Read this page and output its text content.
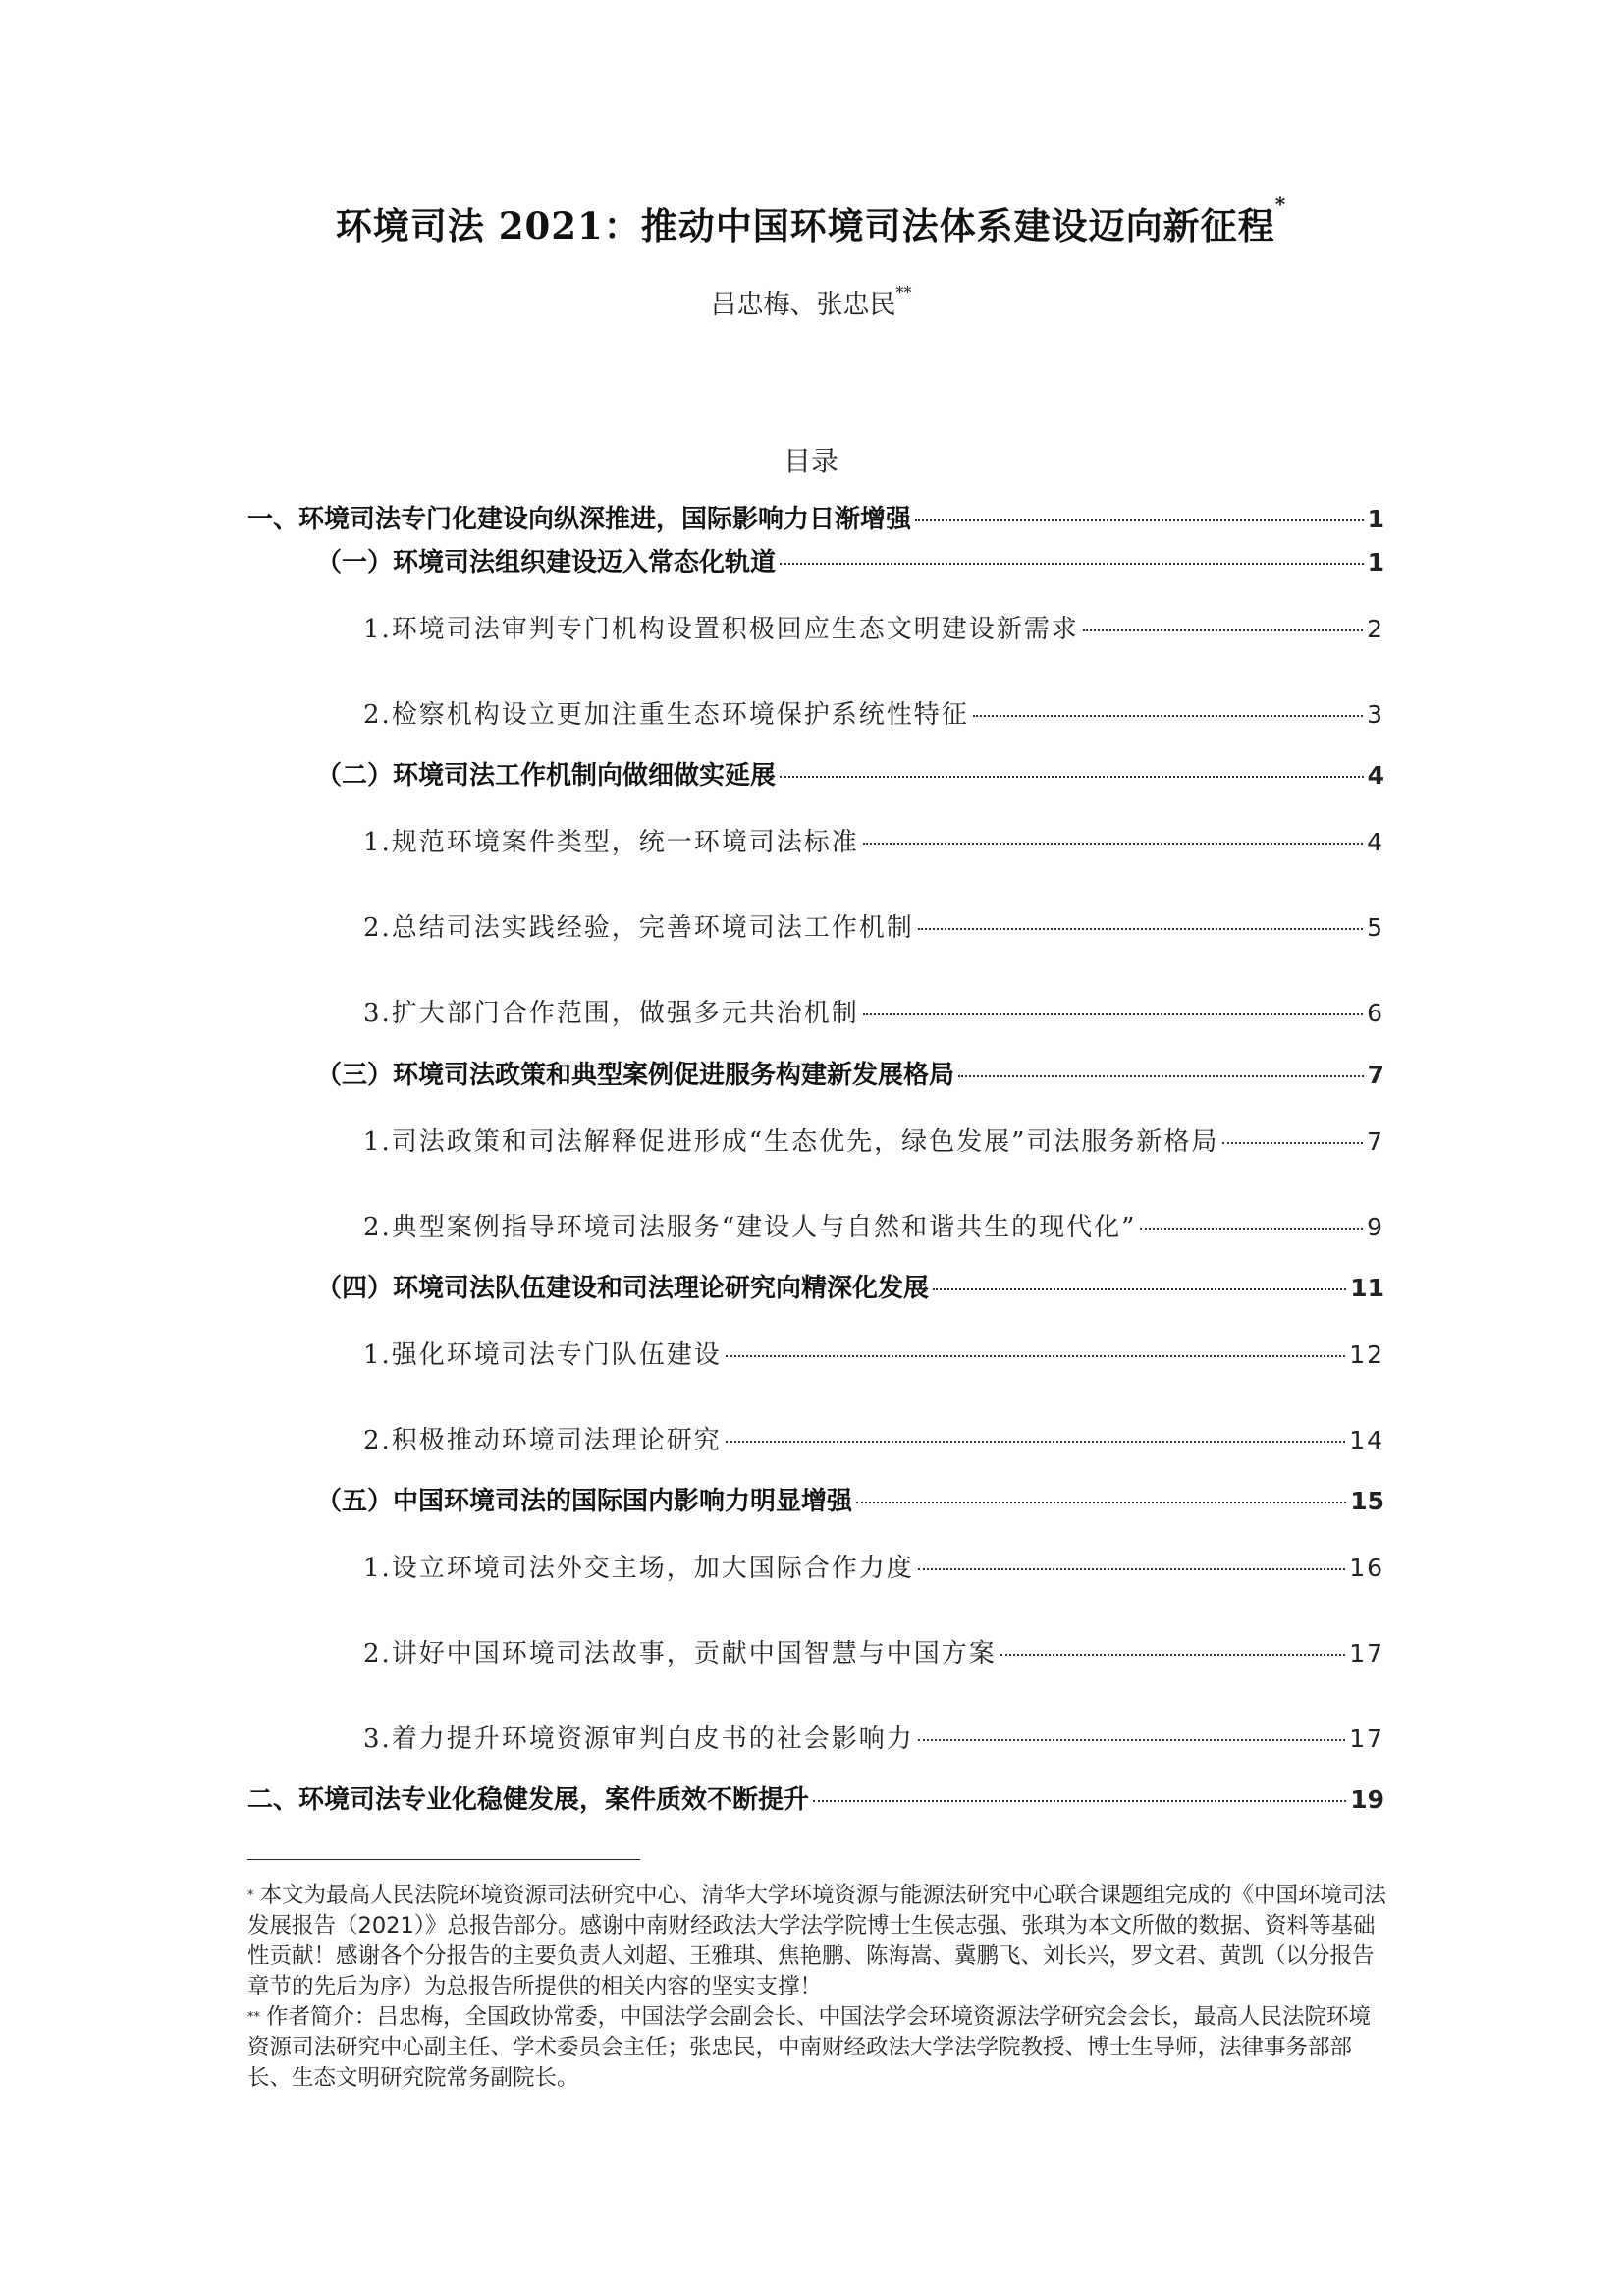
环境司法 2021：推动中国环境司法体系建设迈向新征程*
吕忠梅、张忠民**
目录
一、环境司法专门化建设向纵深推进，国际影响力日渐增强	1
（一）环境司法组织建设迈入常态化轨道	1
1.环境司法审判专门机构设置积极回应生态文明建设新需求	2
2.检察机构设立更加注重生态环境保护系统性特征	3
（二）环境司法工作机制向做细做实延展	4
1.规范环境案件类型，统一环境司法标准	4
2.总结司法实践经验，完善环境司法工作机制	5
3.扩大部门合作范围，做强多元共治机制	6
（三）环境司法政策和典型案例促进服务构建新发展格局	7
1.司法政策和司法解释促进形成“生态优先，绿色发展”司法服务新格局	7
2.典型案例指导环境司法服务“建设人与自然和谐共生的现代化”	9
（四）环境司法队伍建设和司法理论研究向精深化发展	11
1.强化环境司法专门队伍建设	12
2.积极推动环境司法理论研究	14
（五）中国环境司法的国际国内影响力明显增强	15
1.设立环境司法外交主场，加大国际合作力度	16
2.讲好中国环境司法故事，贡献中国智慧与中国方案	17
3.着力提升环境资源审判白皮书的社会影响力	17
二、环境司法专业化稳健发展，案件质效不断提升	19

* 本文为最高人民法院环境资源司法研究中心、清华大学环境资源与能源法研究中心联合课题组完成的《中国环境司法发展报告（2021）》总报告部分。感谢中南财经政法大学法学院博士生侯志强、张琪为本文所做的数据、资料等基础性贡献！感谢各个分报告的主要负责人刘超、王雅琪、焦艳鹏、陈海嵩、冀鹏飞、刘长兴，罗文君、黄凯（以分报告章节的先后为序）为总报告所提供的相关内容的坚实支撑！

** 作者简介：吕忠梅，全国政协常委，中国法学会副会长、中国法学会环境资源法学研究会会长，最高人民法院环境资源司法研究中心副主任、学术委员会主任；张忠民，中南财经政法大学法学院教授、博士生导师，法律事务部部长、生态文明研究院常务副院长。
